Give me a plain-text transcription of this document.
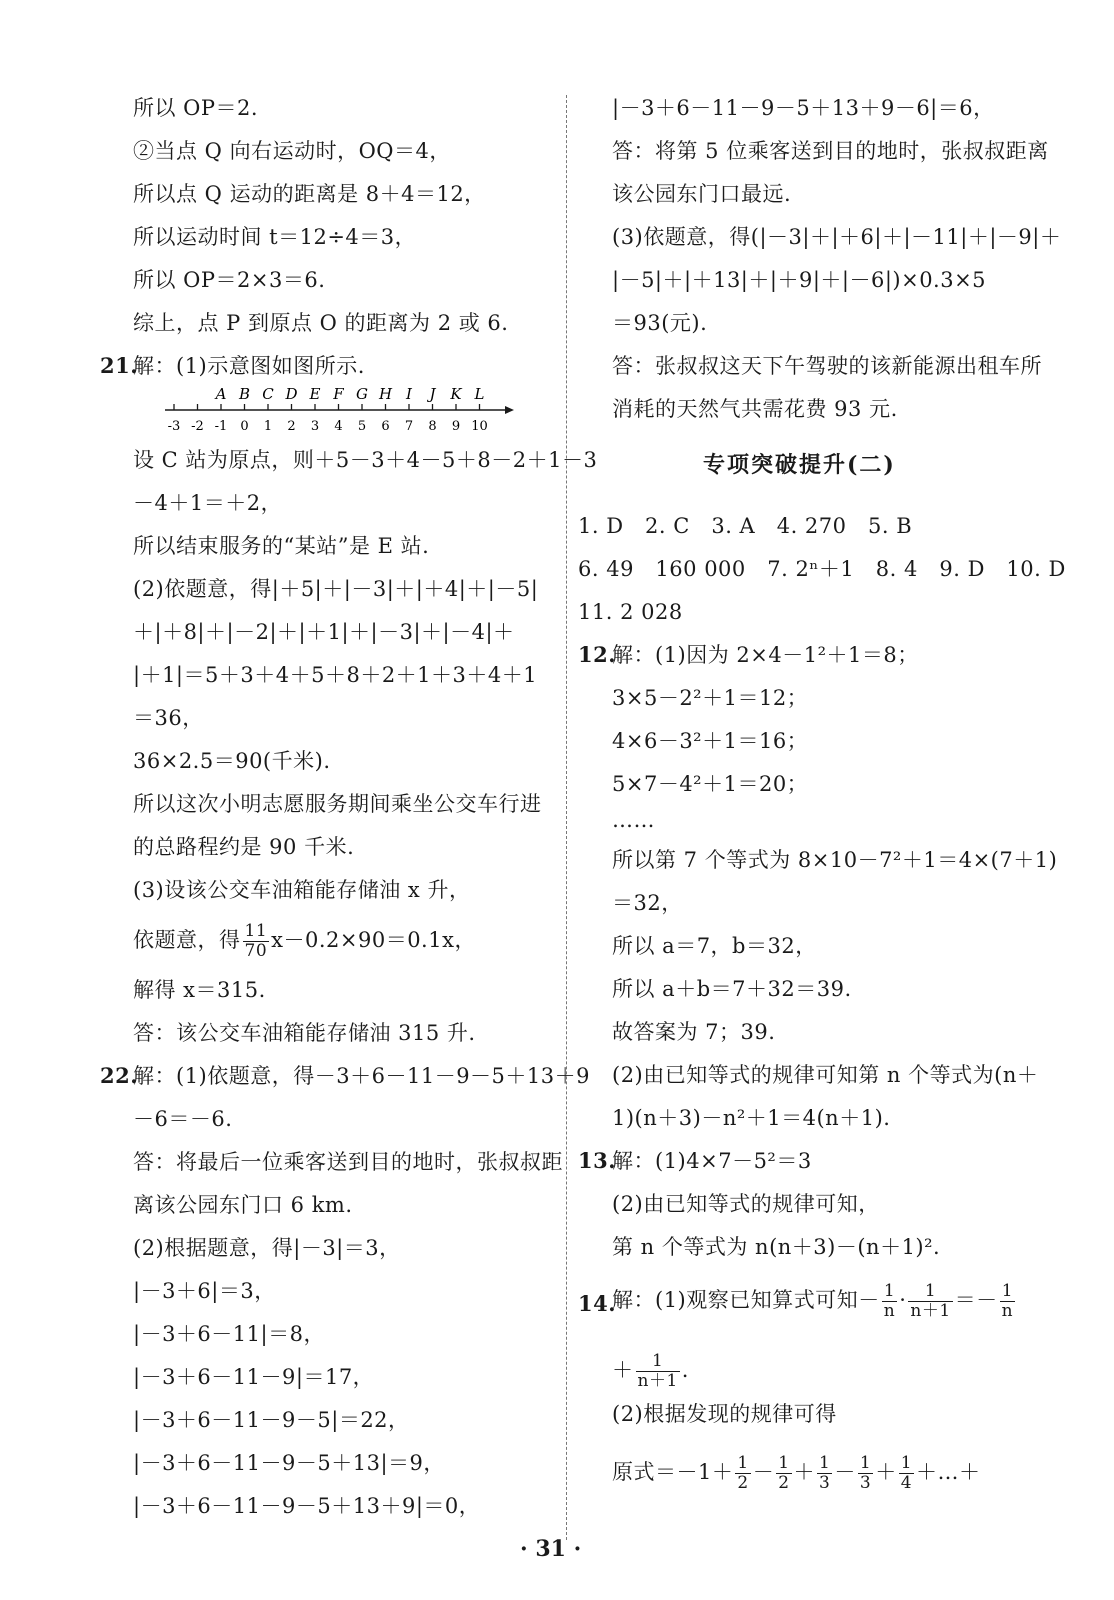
所以 OP＝2.
②当点 Q 向右运动时，OQ＝4，
所以点 Q 运动的距离是 8＋4＝12，
所以运动时间 t＝12÷4＝3，
所以 OP＝2×3＝6.
综上，点 P 到原点 O 的距离为 2 或 6.
21.
解：(1)示意图如图所示.
A B C D E F G H I J K L
-3 -2 -1 0 1 2 3 4 5 6 7 8 9 10
设 C 站为原点，则＋5－3＋4－5＋8－2＋1－3
－4＋1＝＋2，
所以结束服务的“某站”是 E 站.
(2)依题意，得|＋5|＋|－3|＋|＋4|＋|－5|
＋|＋8|＋|－2|＋|＋1|＋|－3|＋|－4|＋
|＋1|＝5＋3＋4＋5＋8＋2＋1＋3＋4＋1
＝36，
36×2.5＝90(千米).
所以这次小明志愿服务期间乘坐公交车行进
的总路程约是 90 千米.
(3)设该公交车油箱能存储油 x 升，
依题意，得 $\frac{11}{70} x-0.2\times 90=0.1x$，
解得 x＝315.
答：该公交车油箱能存储油 315 升.
22.
解：(1)依题意，得－3＋6－11－9－5＋13＋9
－6＝－6.
答：将最后一位乘客送到目的地时，张叔叔距
离该公园东门口 6 km.
(2)根据题意，得|－3|＝3，
|－3＋6|＝3，
|－3＋6－11|＝8，
|－3＋6－11－9|＝17，
|－3＋6－11－9－5|＝22，
|－3＋6－11－9－5＋13|＝9，
|－3＋6－11－9－5＋13＋9|＝0，
|－3＋6－11－9－5＋13＋9－6|＝6，
答：将第 5 位乘客送到目的地时，张叔叔距离
该公园东门口最远.
(3)依题意，得(|－3|＋|＋6|＋|－11|＋|－9|＋
|－5|＋|＋13|＋|＋9|＋|－6|)×0.3×5
＝93(元).
答：张叔叔这天下午驾驶的该新能源出租车所
消耗的天然气共需花费 93 元.
专项突破提升(二)
1. D　2. C　3. A　4. 270　5. B
6. 49　160 000　7. 2ⁿ＋1　8. 4　9. D　10. D
11. 2 028
12.
解：(1)因为 2×4－1²＋1＝8；
3×5－2²＋1＝12；
4×6－3²＋1＝16；
5×7－4²＋1＝20；
……
所以第 7 个等式为 8×10－7²＋1＝4×(7＋1)
＝32，
所以 a＝7，b＝32，
所以 a＋b＝7＋32＝39.
故答案为 7；39.
(2)由已知等式的规律可知第 n 个等式为(n＋
1)(n＋3)－n²＋1＝4(n＋1).
13.
解：(1)4×7－5²＝3
(2)由已知等式的规律可知，
第 n 个等式为 n(n＋3)－(n＋1)².
14.
解：(1)观察已知算式可知－ $\frac{1}{n} \cdot \frac{1}{n+1} =- \frac{1}{n}$
＋ $\frac{1}{n+1}$ .
(2)根据发现的规律可得
原式$=-1+ \frac{1}{2} - \frac{1}{2} + \frac{1}{3} - \frac{1}{3} + \frac{1}{4}$ ＋…＋
· 31 ·
